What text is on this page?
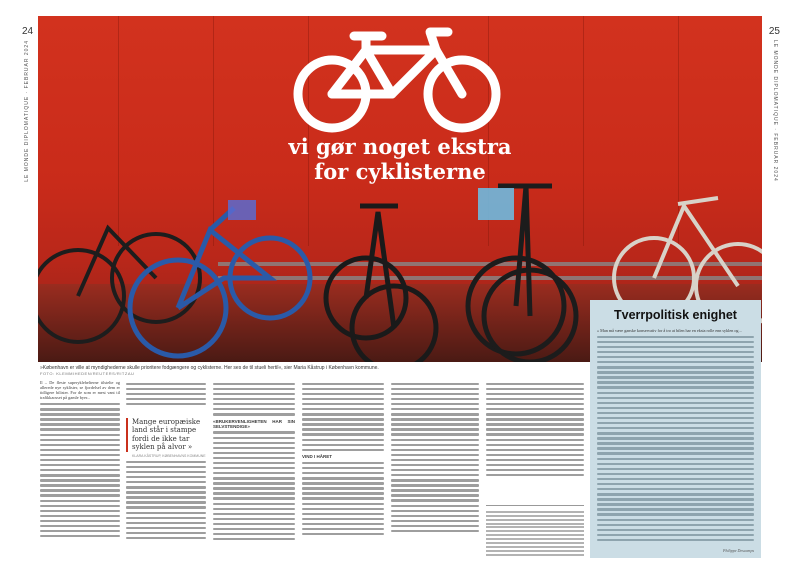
24	25
LE MONDE DIPLOMATIQUE · FEBRUAR 2024	LE MONDE DIPLOMATIQUE · FEBRUAR 2024
vi gør noget ekstra
for cyklisterne
»København er ville at myndighederne skulle prioritere fodgængere og cyklisterne. Her ses de til stueli hertil«, sier Maria Kåstrup i København kommune.
FOTO: KLEMMIHEDEN/REUTERS/RITZAU

Il – De fleste superyklehelterne tilstelte og allerede nye syklister, se fjordelsel av dem er tidligere bilister. For de som er mest vant til trafikkaosset på gamle byer...

Mange europæiske land står i stampe fordi de ikke tar syklen på alvor »
KLARA KÅSTRUP, KØBENHAVNS KOMMUNE
«BRUKERVENLIGHETEN HAR SIN SELVSTENDIGE»
VIND I HÅRET
Tverrpolitisk enighet

« Man må være ganske konservativ for å tro at bilen har en eksta rolle enn syklen og...

Philippe Descamps
